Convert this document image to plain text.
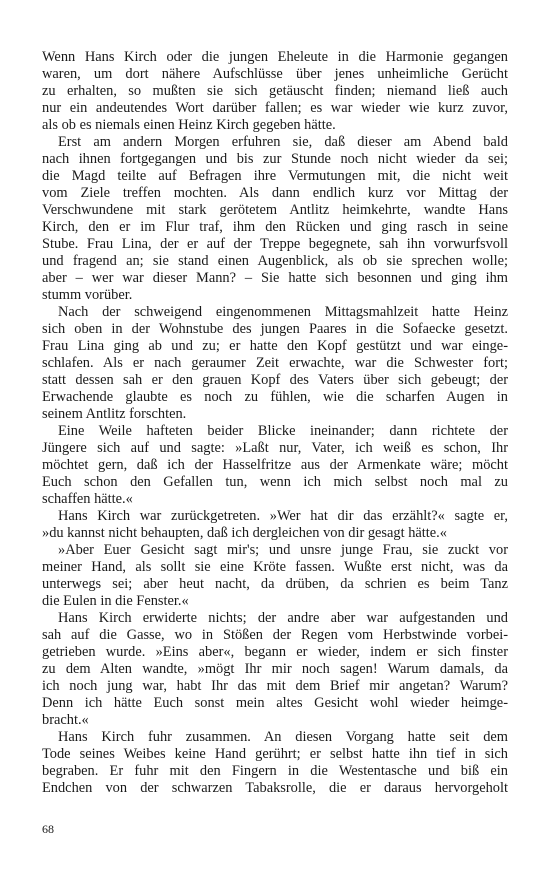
Wenn Hans Kirch oder die jungen Eheleute in die Harmonie gegangen
waren, um dort nähere Aufschlüsse über jenes unheimliche Gerücht
zu erhalten, so mußten sie sich getäuscht finden; niemand ließ auch
nur ein andeutendes Wort darüber fallen; es war wieder wie kurz zuvor,
als ob es niemals einen Heinz Kirch gegeben hätte.
Erst am andern Morgen erfuhren sie, daß dieser am Abend bald
nach ihnen fortgegangen und bis zur Stunde noch nicht wieder da sei;
die Magd teilte auf Befragen ihre Vermutungen mit, die nicht weit
vom Ziele treffen mochten. Als dann endlich kurz vor Mittag der
Verschwundene mit stark gerötetem Antlitz heimkehrte, wandte Hans
Kirch, den er im Flur traf, ihm den Rücken und ging rasch in seine
Stube. Frau Lina, der er auf der Treppe begegnete, sah ihn vorwurfsvoll
und fragend an; sie stand einen Augenblick, als ob sie sprechen wolle;
aber – wer war dieser Mann? – Sie hatte sich besonnen und ging ihm
stumm vorüber.
Nach der schweigend eingenommenen Mittagsmahlzeit hatte Heinz
sich oben in der Wohnstube des jungen Paares in die Sofaecke gesetzt.
Frau Lina ging ab und zu; er hatte den Kopf gestützt und war einge-
schlafen. Als er nach geraumer Zeit erwachte, war die Schwester fort;
statt dessen sah er den grauen Kopf des Vaters über sich gebeugt; der
Erwachende glaubte es noch zu fühlen, wie die scharfen Augen in
seinem Antlitz forschten.
Eine Weile hafteten beider Blicke ineinander; dann richtete der
Jüngere sich auf und sagte: »Laßt nur, Vater, ich weiß es schon, Ihr
möchtet gern, daß ich der Hasselfritze aus der Armenkate wäre; möcht
Euch schon den Gefallen tun, wenn ich mich selbst noch mal zu
schaffen hätte.«
Hans Kirch war zurückgetreten. »Wer hat dir das erzählt?« sagte er,
»du kannst nicht behaupten, daß ich dergleichen von dir gesagt hätte.«
»Aber Euer Gesicht sagt mir's; und unsre junge Frau, sie zuckt vor
meiner Hand, als sollt sie eine Kröte fassen. Wußte erst nicht, was da
unterwegs sei; aber heut nacht, da drüben, da schrien es beim Tanz
die Eulen in die Fenster.«
Hans Kirch erwiderte nichts; der andre aber war aufgestanden und
sah auf die Gasse, wo in Stößen der Regen vom Herbstwinde vorbei-
getrieben wurde. »Eins aber«, begann er wieder, indem er sich finster
zu dem Alten wandte, »mögt Ihr mir noch sagen! Warum damals, da
ich noch jung war, habt Ihr das mit dem Brief mir angetan? Warum?
Denn ich hätte Euch sonst mein altes Gesicht wohl wieder heimge-
bracht.«
Hans Kirch fuhr zusammen. An diesen Vorgang hatte seit dem
Tode seines Weibes keine Hand gerührt; er selbst hatte ihn tief in sich
begraben. Er fuhr mit den Fingern in die Westentasche und biß ein
Endchen von der schwarzen Tabaksrolle, die er daraus hervorgeholt
68
